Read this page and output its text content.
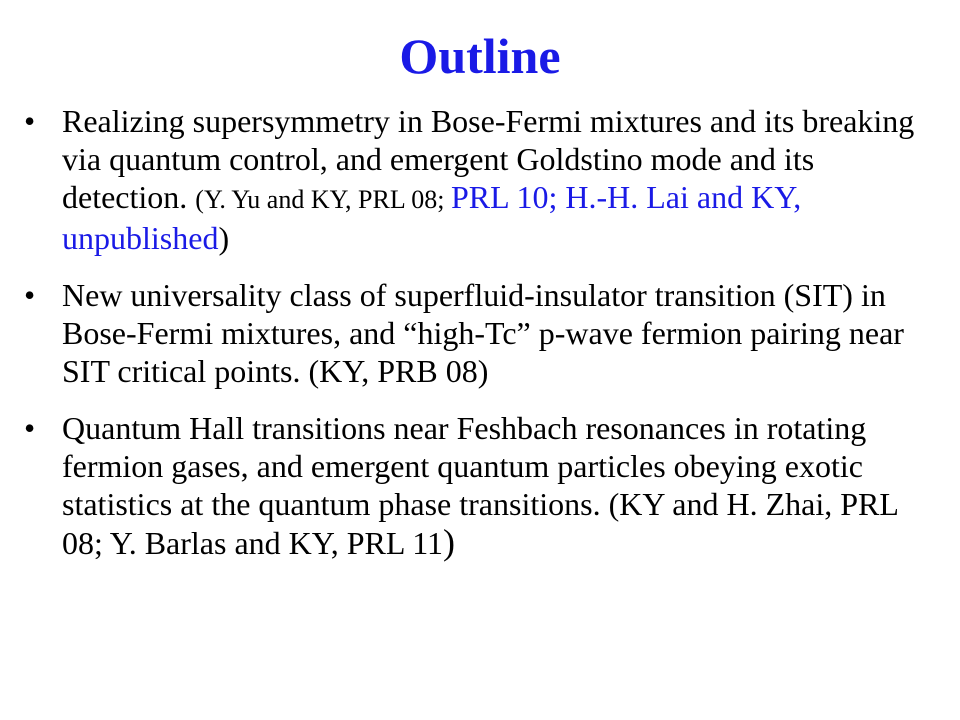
Outline
• Realizing supersymmetry in Bose-Fermi mixtures and its breaking via quantum control, and emergent Goldstino mode and its detection. (Y. Yu and KY, PRL 08; PRL 10; H.-H. Lai and KY, unpublished)
• New universality class of superfluid-insulator transition (SIT) in Bose-Fermi mixtures, and “high-Tc” p-wave fermion pairing near SIT critical points. (KY, PRB 08)
• Quantum Hall transitions near Feshbach resonances in rotating fermion gases, and emergent quantum particles obeying exotic statistics at the quantum phase transitions. (KY and H. Zhai, PRL 08; Y. Barlas and KY, PRL 11)
